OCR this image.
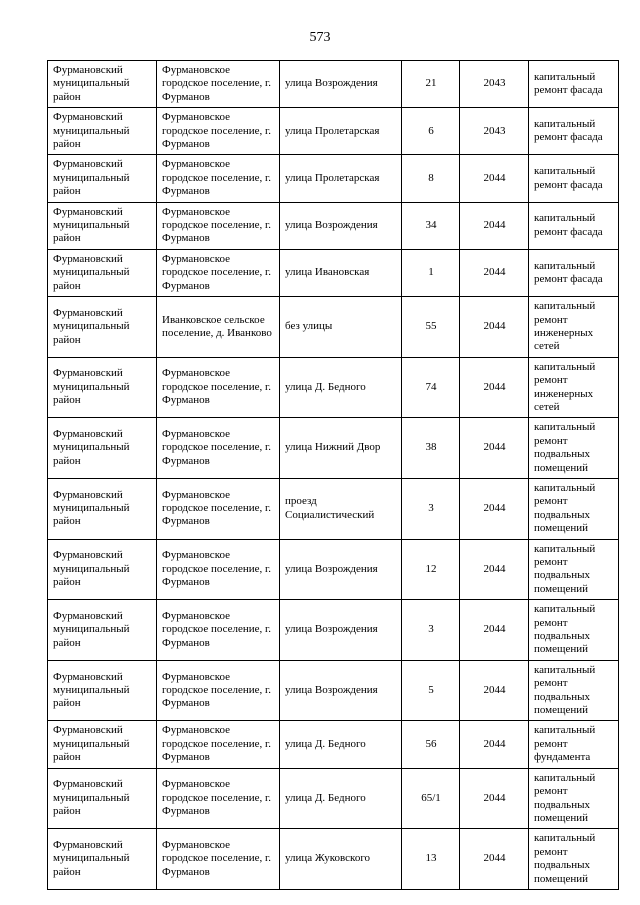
573
Фурмановский муниципальный район	Фурмановское городское поселение, г. Фурманов	улица Возрождения	21	2043	капитальный ремонт фасада
Фурмановский муниципальный район	Фурмановское городское поселение, г. Фурманов	улица Пролетарская	6	2043	капитальный ремонт фасада
Фурмановский муниципальный район	Фурмановское городское поселение, г. Фурманов	улица Пролетарская	8	2044	капитальный ремонт фасада
Фурмановский муниципальный район	Фурмановское городское поселение, г. Фурманов	улица Возрождения	34	2044	капитальный ремонт фасада
Фурмановский муниципальный район	Фурмановское городское поселение, г. Фурманов	улица Ивановская	1	2044	капитальный ремонт фасада
Фурмановский муниципальный район	Иванковское сельское поселение, д. Иванково	без улицы	55	2044	капитальный ремонт инженерных сетей
Фурмановский муниципальный район	Фурмановское городское поселение, г. Фурманов	улица Д. Бедного	74	2044	капитальный ремонт инженерных сетей
Фурмановский муниципальный район	Фурмановское городское поселение, г. Фурманов	улица Нижний Двор	38	2044	капитальный ремонт подвальных помещений
Фурмановский муниципальный район	Фурмановское городское поселение, г. Фурманов	проезд Социалистический	3	2044	капитальный ремонт подвальных помещений
Фурмановский муниципальный район	Фурмановское городское поселение, г. Фурманов	улица Возрождения	12	2044	капитальный ремонт подвальных помещений
Фурмановский муниципальный район	Фурмановское городское поселение, г. Фурманов	улица Возрождения	3	2044	капитальный ремонт подвальных помещений
Фурмановский муниципальный район	Фурмановское городское поселение, г. Фурманов	улица Возрождения	5	2044	капитальный ремонт подвальных помещений
Фурмановский муниципальный район	Фурмановское городское поселение, г. Фурманов	улица Д. Бедного	56	2044	капитальный ремонт фундамента
Фурмановский муниципальный район	Фурмановское городское поселение, г. Фурманов	улица Д. Бедного	65/1	2044	капитальный ремонт подвальных помещений
Фурмановский муниципальный район	Фурмановское городское поселение, г. Фурманов	улица Жуковского	13	2044	капитальный ремонт подвальных помещений
